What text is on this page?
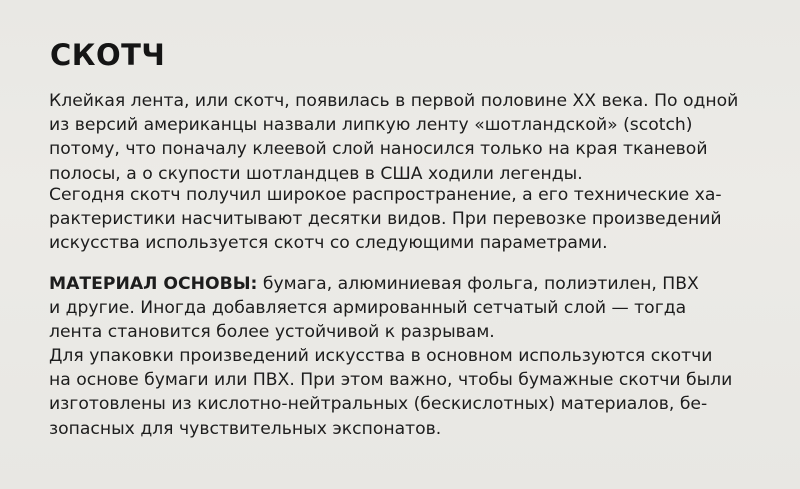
СКОТЧ

Клейкая лента, или скотч, появилась в первой половине XX века. По одной
из версий американцы назвали липкую ленту «шотландской» (scotch)
потому, что поначалу клеевой слой наносился только на края тканевой
полосы, а о скупости шотландцев в США ходили легенды.

Сегодня скотч получил широкое распространение, а его технические ха-
рактеристики насчитывают десятки видов. При перевозке произведений
искусства используется скотч со следующими параметрами.

МАТЕРИАЛ ОСНОВЫ: бумага, алюминиевая фольга, полиэтилен, ПВХ
и другие. Иногда добавляется армированный сетчатый слой — тогда
лента становится более устойчивой к разрывам.

Для упаковки произведений искусства в основном используются скотчи
на основе бумаги или ПВХ. При этом важно, чтобы бумажные скотчи были
изготовлены из кислотно-нейтральных (бескислотных) материалов, бе-
зопасных для чувствительных экспонатов.
